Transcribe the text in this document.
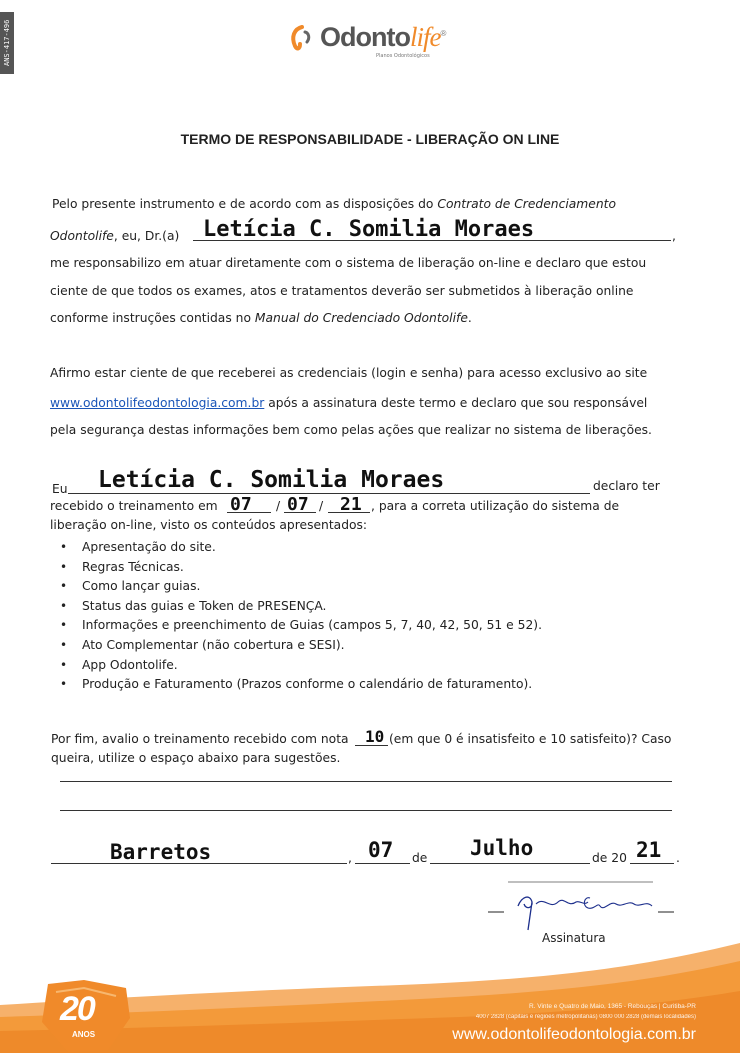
ANS-417-496	Odontolife®
Planos Odontológicos
TERMO DE RESPONSABILIDADE - LIBERAÇÃO ON LINE
Pelo presente instrumento e de acordo com as disposições do Contrato de Credenciamento
Odontolife, eu, Dr.(a) Letícia C. Somilia Moraes	,
me responsabilizo em atuar diretamente com o sistema de liberação on-line e declaro que estou
ciente de que todos os exames, atos e tratamentos deverão ser submetidos à liberação online
conforme instruções contidas no Manual do Credenciado Odontolife.
Afirmo estar ciente de que receberei as credenciais (login e senha) para acesso exclusivo ao site
www.odontolifeodontologia.com.br após a assinatura deste termo e declaro que sou responsável
pela segurança destas informações bem como pelas ações que realizar no sistema de liberações.
Eu Letícia C. Somilia Moraes	declaro ter
recebido o treinamento em 07 / 07 / 21 , para a correta utilização do sistema de
liberação on-line, visto os conteúdos apresentados:
• Apresentação do site.
• Regras Técnicas.
• Como lançar guias.
• Status das guias e Token de PRESENÇA.
• Informações e preenchimento de Guias (campos 5, 7, 40, 42, 50, 51 e 52).
• Ato Complementar (não cobertura e SESI).
• App Odontolife.
• Produção e Faturamento (Prazos conforme o calendário de faturamento).
Por fim, avalio o treinamento recebido com nota 10 (em que 0 é insatisfeito e 10 satisfeito)? Caso
queira, utilize o espaço abaixo para sugestões.
Barretos	, 07 de Julho	de 20 21 .
Assinatura
20
ANOS
R. Vinte e Quatro de Maio, 1365 - Rebouças | Curitiba-PR
4007 2828 (capitais e regiões metropolitanas) 0800 000 2828 (demais localidades)
www.odontolifeodontologia.com.br
